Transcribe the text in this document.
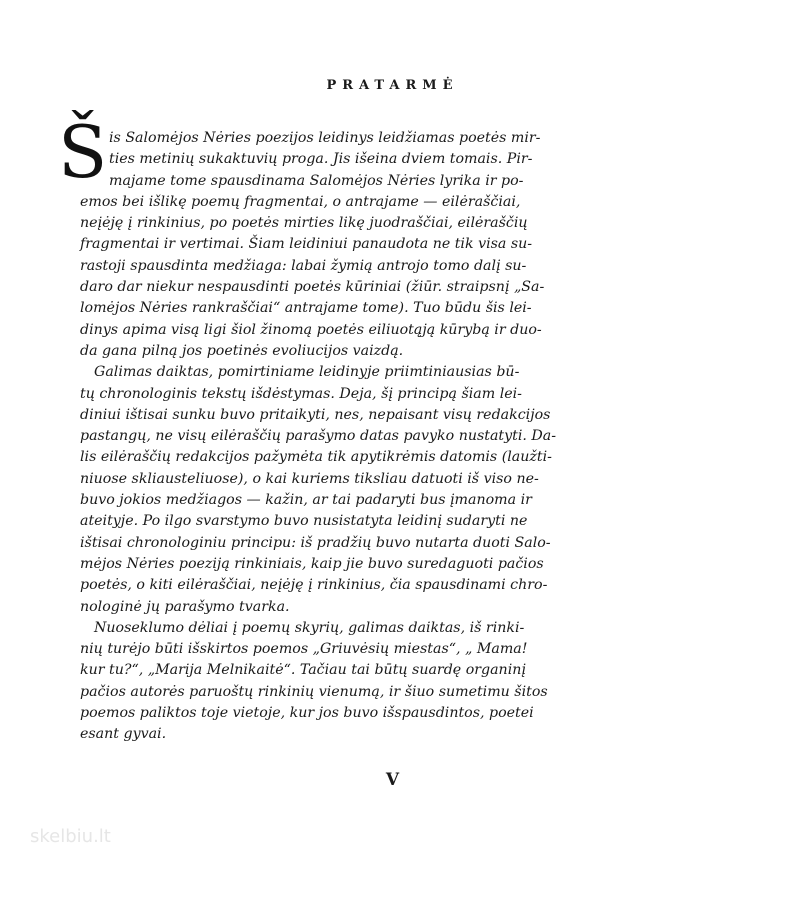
PRATARMĖ
Š is Salomėjos Nėries poezijos leidinys leidžiamas poetės mir-
ties metinių sukaktuvių proga. Jis išeina dviem tomais. Pir-
majame tome spausdinama Salomėjos Nėries lyrika ir po-
emos bei išlikę poemų fragmentai, o antrajame — eilėraščiai,
neįėję į rinkinius, po poetės mirties likę juodraščiai, eilėraščių
fragmentai ir vertimai. Šiam leidiniui panaudota ne tik visa su-
rastoji spausdinta medžiaga: labai žymią antrojo tomo dalį su-
daro dar niekur nespausdinti poetės kūriniai (žiūr. straipsnį „Sa-
lomėjos Nėries rankraščiai“ antrajame tome). Tuo būdu šis lei-
dinys apima visą ligi šiol žinomą poetės eiliuotąją kūrybą ir duo-
da gana pilną jos poetinės evoliucijos vaizdą.
Galimas daiktas, pomirtiniame leidinyje priimtiniausias bū-
tų chronologinis tekstų išdėstymas. Deja, šį principą šiam lei-
diniui ištisai sunku buvo pritaikyti, nes, nepaisant visų redakcijos
pastangų, ne visų eilėraščių parašymo datas pavyko nustatyti. Da-
lis eilėraščių redakcijos pažymėta tik apytikrėmis datomis (laužti-
niuose skliausteliuose), o kai kuriems tiksliau datuoti iš viso ne-
buvo jokios medžiagos — kažin, ar tai padaryti bus įmanoma ir
ateityje. Po ilgo svarstymo buvo nusistatyta leidinį sudaryti ne
ištisai chronologiniu principu: iš pradžių buvo nutarta duoti Salo-
mėjos Nėries poeziją rinkiniais, kaip jie buvo suredaguoti pačios
poetės, o kiti eilėraščiai, neįėję į rinkinius, čia spausdinami chro-
nologinė jų parašymo tvarka.
Nuoseklumo dėliai į poemų skyrių, galimas daiktas, iš rinki-
nių turėjo būti išskirtos poemos „Griuvėsių miestas“, „ Mama!
kur tu?“, „Marija Melnikaitė“. Tačiau tai būtų suardę organinį
pačios autorės paruoštų rinkinių vienumą, ir šiuo sumetimu šitos
poemos paliktos toje vietoje, kur jos buvo išspausdintos, poetei
esant gyvai.
V
skelbiu.lt
